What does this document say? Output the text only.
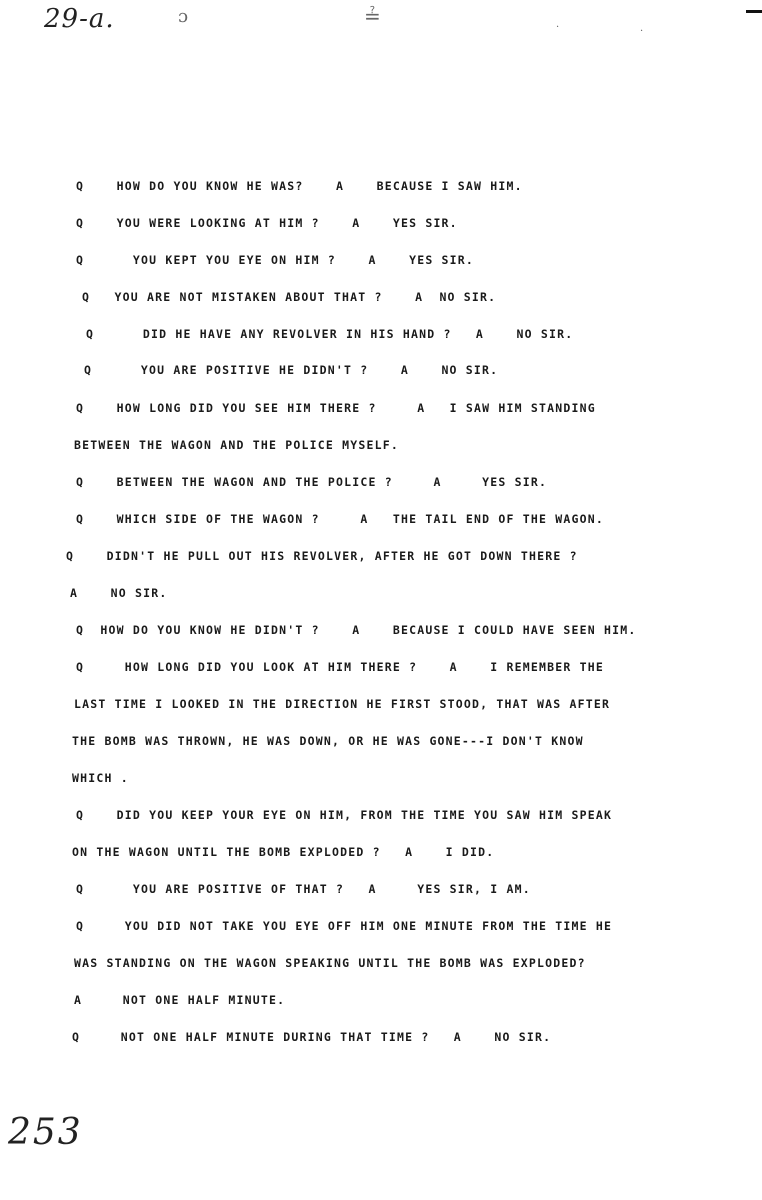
29-a.	ɔ	≟	·	·
Q    HOW DO YOU KNOW HE WAS?    A    BECAUSE I SAW HIM.
Q    YOU WERE LOOKING AT HIM ?    A    YES SIR.
Q      YOU KEPT YOU EYE ON HIM ?    A    YES SIR.
Q   YOU ARE NOT MISTAKEN ABOUT THAT ?    A  NO SIR.
Q      DID HE HAVE ANY REVOLVER IN HIS HAND ?   A    NO SIR.
Q      YOU ARE POSITIVE HE DIDN'T ?    A    NO SIR.
Q    HOW LONG DID YOU SEE HIM THERE ?     A   I SAW HIM STANDING
BETWEEN THE WAGON AND THE POLICE MYSELF.
Q    BETWEEN THE WAGON AND THE POLICE ?     A     YES SIR.
Q    WHICH SIDE OF THE WAGON ?     A   THE TAIL END OF THE WAGON.
Q    DIDN'T HE PULL OUT HIS REVOLVER, AFTER HE GOT DOWN THERE ?
A    NO SIR.
Q  HOW DO YOU KNOW HE DIDN'T ?    A    BECAUSE I COULD HAVE SEEN HIM.
Q     HOW LONG DID YOU LOOK AT HIM THERE ?    A    I REMEMBER THE
LAST TIME I LOOKED IN THE DIRECTION HE FIRST STOOD, THAT WAS AFTER
THE BOMB WAS THROWN, HE WAS DOWN, OR HE WAS GONE---I DON'T KNOW
WHICH .
Q    DID YOU KEEP YOUR EYE ON HIM, FROM THE TIME YOU SAW HIM SPEAK
ON THE WAGON UNTIL THE BOMB EXPLODED ?   A    I DID.
Q      YOU ARE POSITIVE OF THAT ?   A     YES SIR, I AM.
Q     YOU DID NOT TAKE YOU EYE OFF HIM ONE MINUTE FROM THE TIME HE
WAS STANDING ON THE WAGON SPEAKING UNTIL THE BOMB WAS EXPLODED?
A     NOT ONE HALF MINUTE.
Q     NOT ONE HALF MINUTE DURING THAT TIME ?   A    NO SIR.
253
